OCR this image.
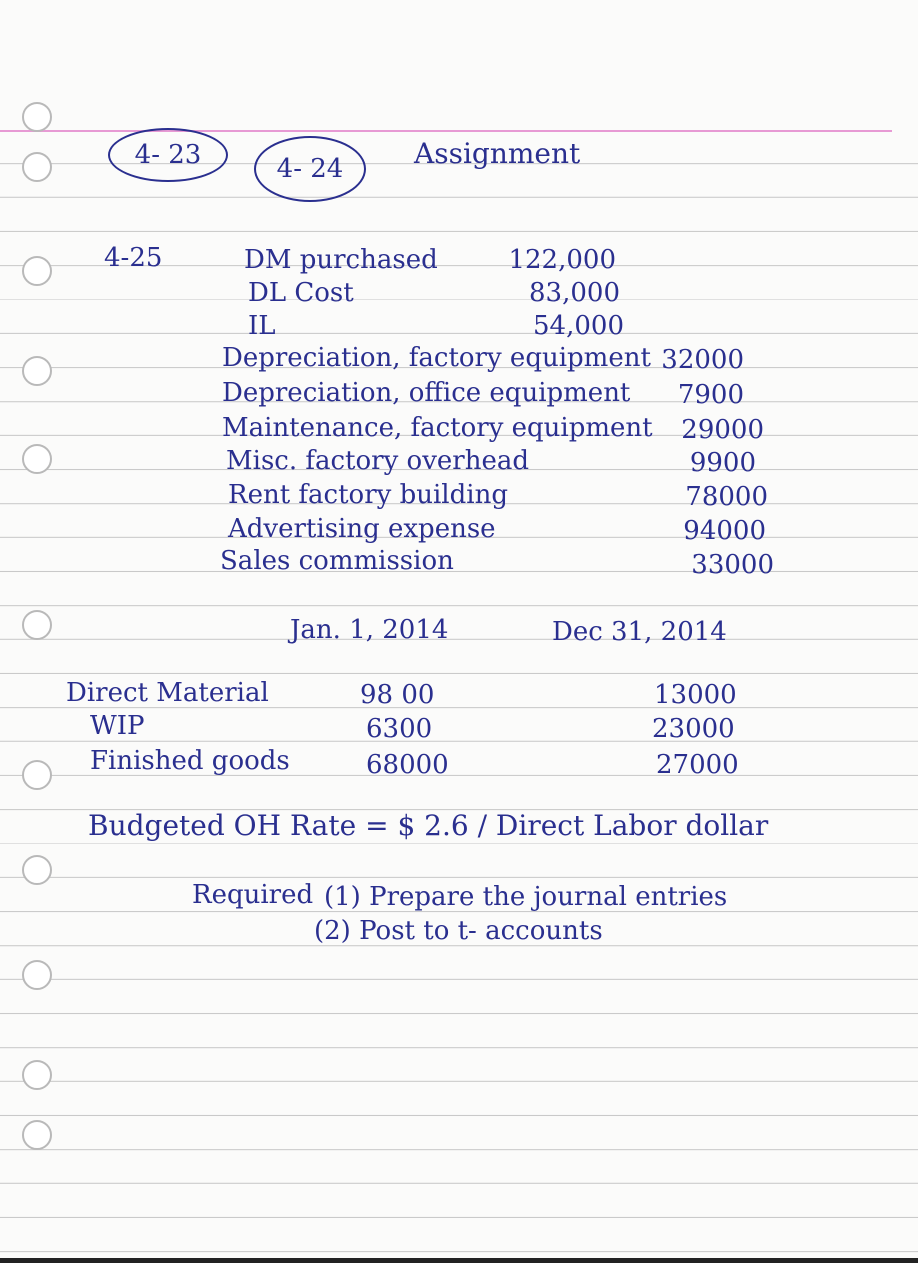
4- 23	4- 24	Assignment
4-25	DM purchased	122,000
DL Cost	83,000
IL	54,000
Depreciation, factory equipment 32000
Depreciation, office equipment	7900
Maintenance, factory equipment	29000
Misc. factory overhead	9900
Rent factory building	78000
Advertising expense	94000
Sales commission	33000
Jan. 1, 2014	Dec 31, 2014
Direct Material	98 00	13000
WIP	6300	23000
Finished goods	68000	27000
Budgeted OH Rate = $ 2.6 / Direct Labor dollar
Required (1) Prepare the journal entries
(2) Post to t- accounts
